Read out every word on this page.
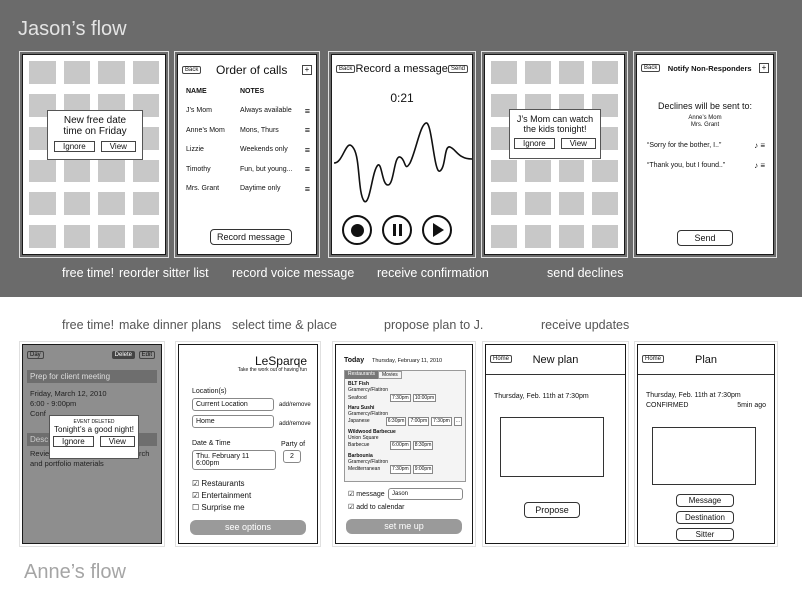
Jason’s flow
New free date
time on Friday
Ignore	View
Back Order of calls	+
NAME	NOTES
J’s Mom	Always available	≡
Anne’s Mom	Mons, Thurs	≡
Lizzie	Weekends only	≡
Timothy	Fun, but young...	≡
Mrs. Grant	Daytime only	≡
Record message
Back Record a message Send
0:21
J’s Mom can watch
the kids tonight!
Ignore	View
Back	Notify Non-Responders	+
Declines will be sent to:
Anne’s Mom
Mrs. Grant
“Sorry for the bother, I..”	♪ ≡
“Thank you, but I found..”	♪ ≡
Send
free time! reorder sitter list record voice message receive confirmation	send declines
free time! make dinner plans select time & place	propose plan to J.	receive updates
Day	Delete	Edit
Prep for client meeting
Friday, March 12, 2010
6:00 - 9:00pm
Conf
Desc
Revie	rch
and portfolio materials
EVENT DELETED
Tonight’s a good night!
Ignore	View
LeSparqe
Take the work out of having fun
Location(s)
Current Location	add/remove
Home	add/remove
Date & Time	Party of
Thu. February 11 6:00pm
2
☑ Restaurants
☑ Entertainment
☐ Surprise me
see options
Today Thursday, February 11, 2010
Restaurants	Movies
BLT Fish
Gramercy/Flatiron
Seafood	7:30pm	10:00pm
Haru Sushi
Gramercy/Flatiron
Japanese	6:30pm	7:00pm	7:30pm	...
Wildwood Barbecue
Union Square
Barbecue	6:00pm	8:30pm
Barbounia
Gramercy/Flatiron
Mediterranean	7:30pm	9:00pm
☑ message	Jason
☑ add to calendar
set me up
Home	New plan
Thursday, Feb. 11th at 7:30pm
Propose
Home	Plan
Thursday, Feb. 11th at 7:30pm
CONFIRMED	5min ago
Message
Destination
Sitter
Anne’s flow
